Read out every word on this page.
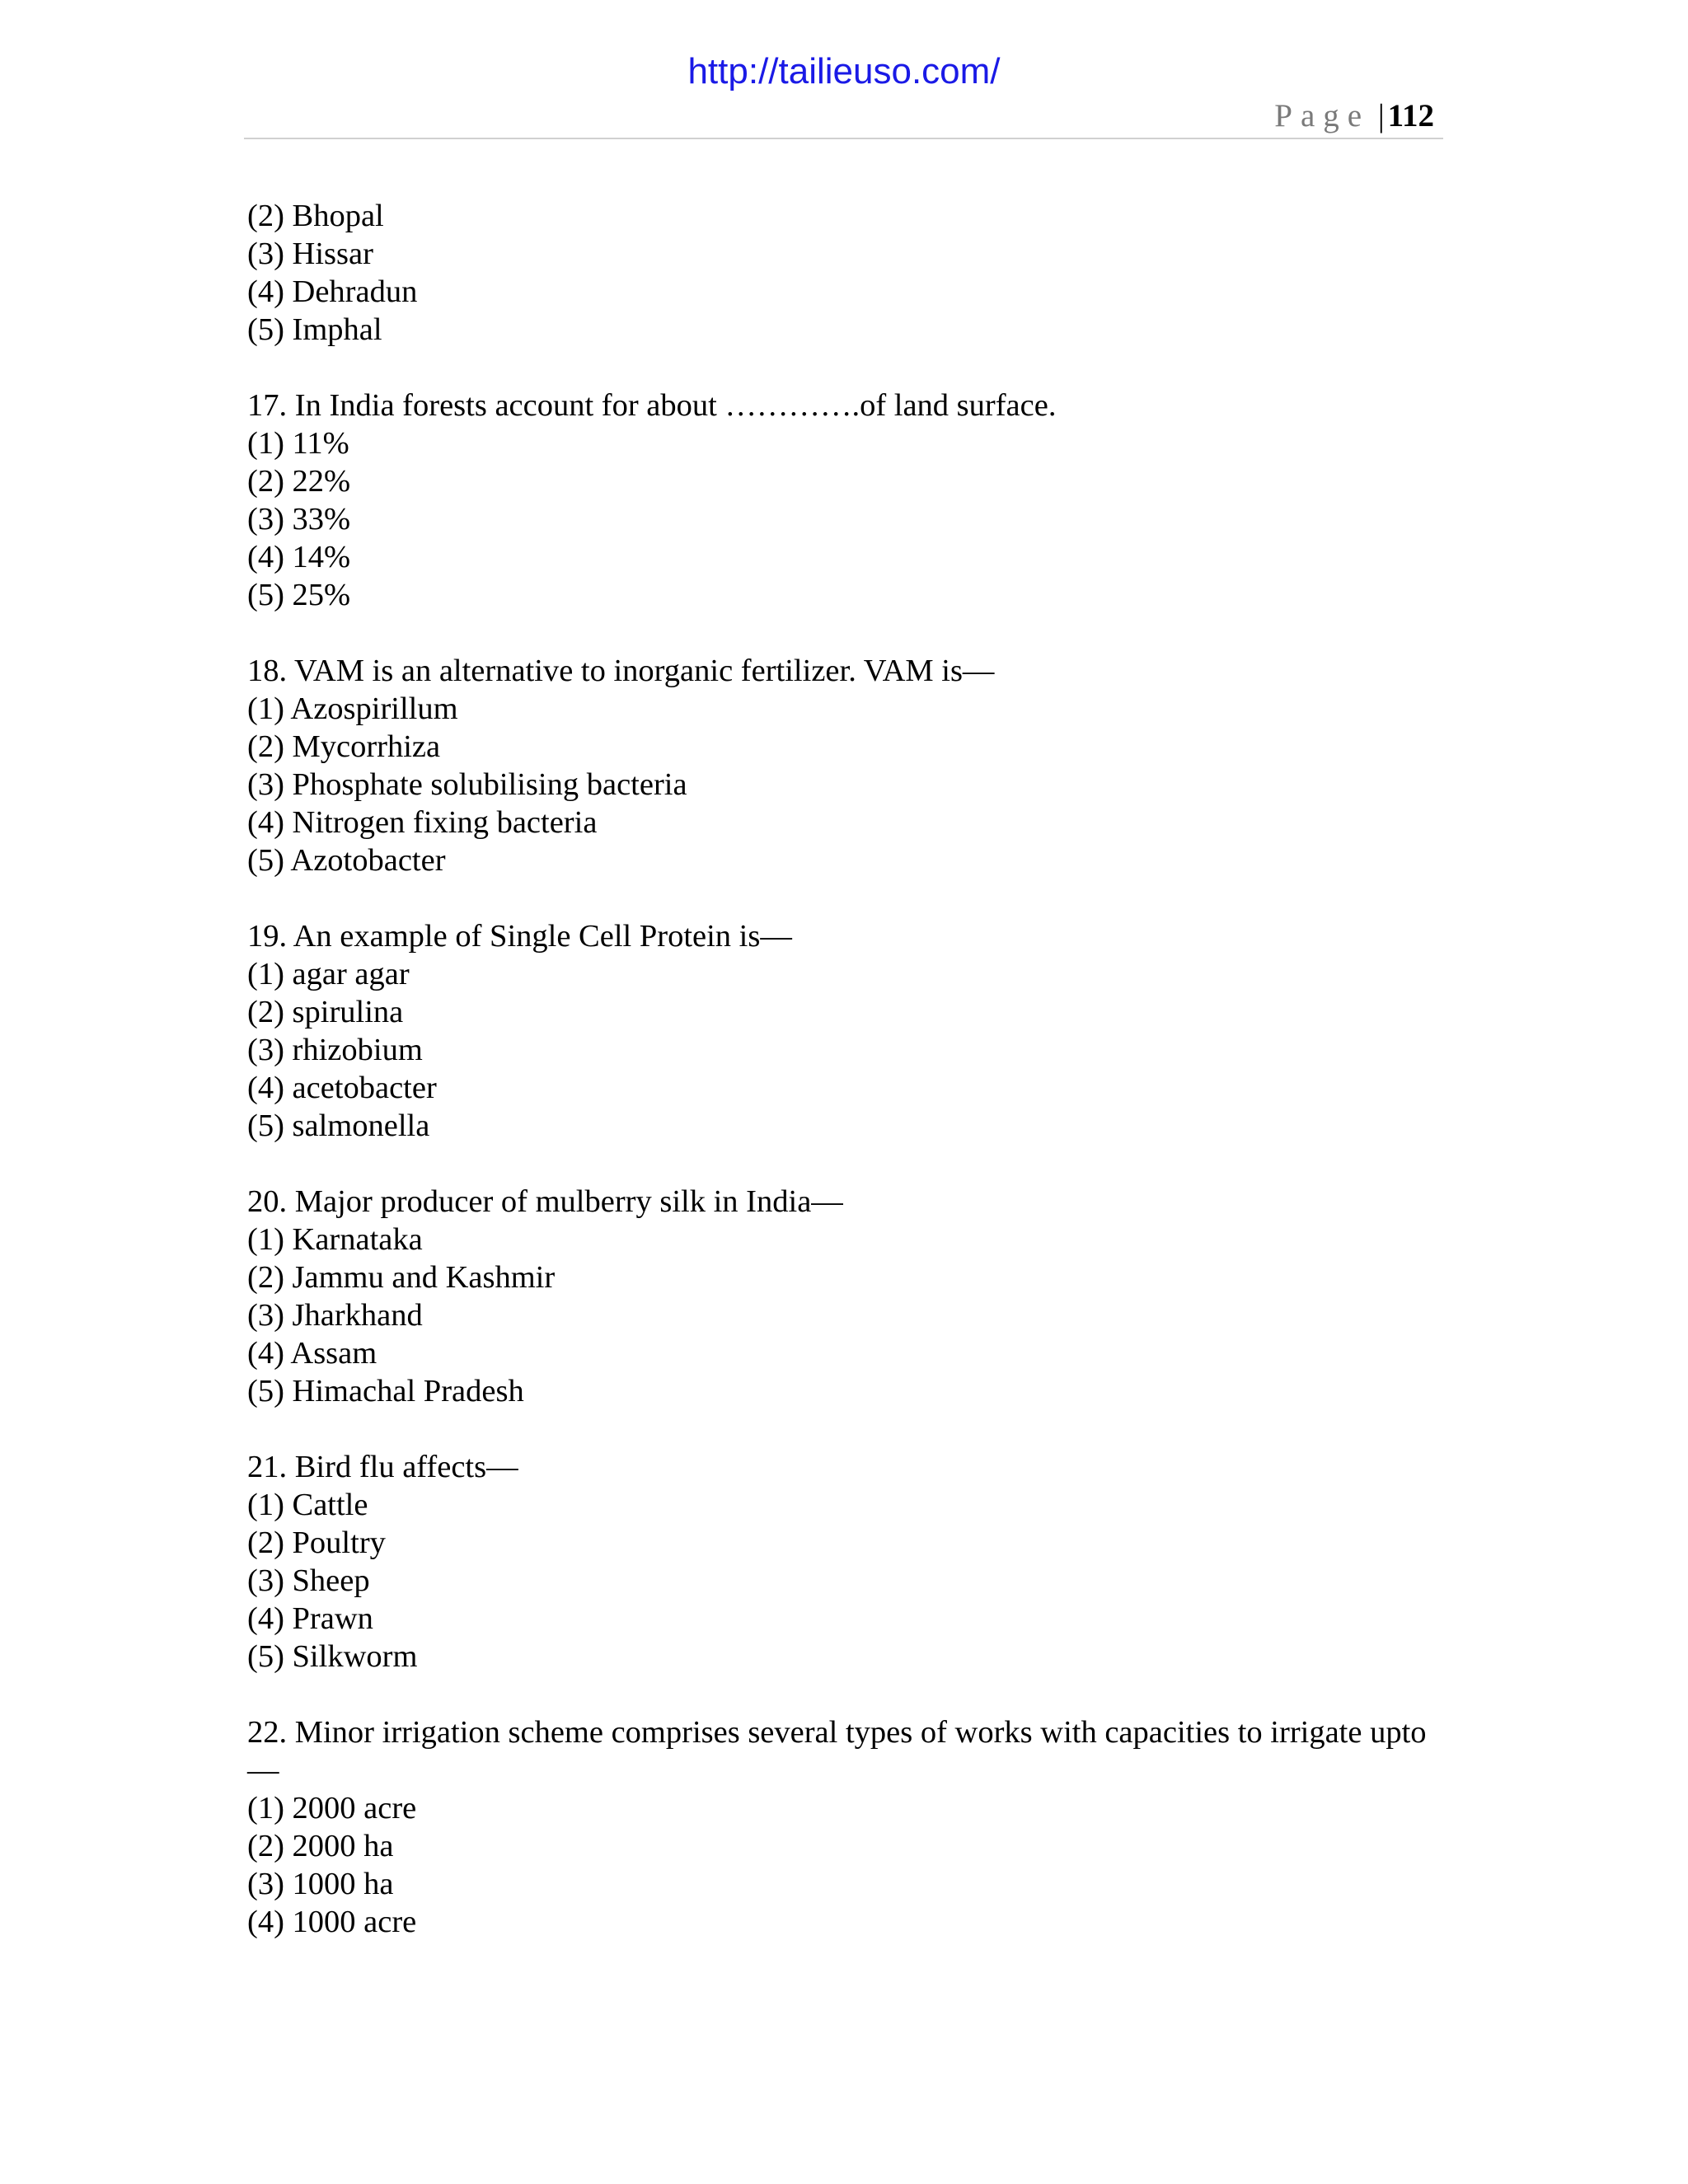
http://tailieuso.com/
Page | 112
(2) Bhopal
(3) Hissar
(4) Dehradun
(5) Imphal
17. In India forests account for about ………….of land surface.
(1) 11%
(2) 22%
(3) 33%
(4) 14%
(5) 25%
18. VAM is an alternative to inorganic fertilizer. VAM is—
(1) Azospirillum
(2) Mycorrhiza
(3) Phosphate solubilising bacteria
(4) Nitrogen fixing bacteria
(5) Azotobacter
19. An example of Single Cell Protein is—
(1) agar agar
(2) spirulina
(3) rhizobium
(4) acetobacter
(5) salmonella
20. Major producer of mulberry silk in India—
(1) Karnataka
(2) Jammu and Kashmir
(3) Jharkhand
(4) Assam
(5) Himachal Pradesh
21. Bird flu affects—
(1) Cattle
(2) Poultry
(3) Sheep
(4) Prawn
(5) Silkworm
22. Minor irrigation scheme comprises several types of works with capacities to irrigate upto—
(1) 2000 acre
(2) 2000 ha
(3) 1000 ha
(4) 1000 acre
